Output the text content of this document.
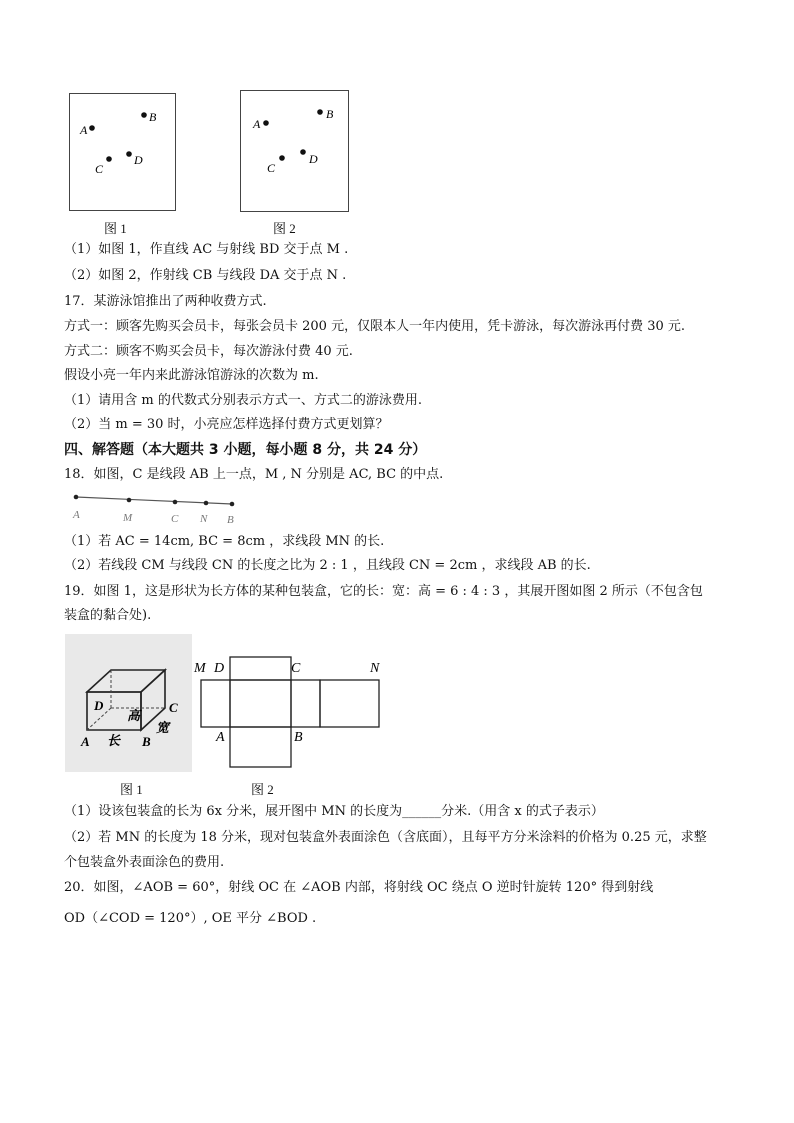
A
B
C
D
图 1
A
B
C
D
图 2
（1）如图 1，作直线 AC 与射线 BD 交于点 M .
（2）如图 2，作射线 CB 与线段 DA 交于点 N .
17．某游泳馆推出了两种收费方式.
方式一：顾客先购买会员卡，每张会员卡 200 元，仅限本人一年内使用，凭卡游泳，每次游泳再付费 30 元.
方式二：顾客不购买会员卡，每次游泳付费 40 元.
假设小亮一年内来此游泳馆游泳的次数为 m.
（1）请用含 m 的代数式分别表示方式一、方式二的游泳费用.
（2）当 m = 30 时，小亮应怎样选择付费方式更划算？
四、解答题（本大题共 3 小题，每小题 8 分，共 24 分）
18．如图，C 是线段 AB 上一点，M , N 分别是 AC, BC 的中点.
A	M	C N B
（1）若 AC = 14cm, BC = 8cm ，求线段 MN 的长.
（2）若线段 CM 与线段 CN 的长度之比为 2 : 1 ，且线段 CN = 2cm ，求线段 AB 的长.
19．如图 1，这是形状为长方体的某种包装盒，它的长：宽：高 = 6 : 4 : 3 ，其展开图如图 2 所示（不包含包
装盒的黏合处).
D	C
A	B
长
高
宽
图 1
M D	C	N
A	B
图 2
（1）设该包装盒的长为 6x 分米，展开图中 MN 的长度为______分米.（用含 x 的式子表示）
（2）若 MN 的长度为 18 分米，现对包装盒外表面涂色（含底面），且每平方分米涂料的价格为 0.25 元，求整
个包装盒外表面涂色的费用.
20．如图，∠AOB = 60°，射线 OC 在 ∠AOB 内部，将射线 OC 绕点 O 逆时针旋转 120° 得到射线
OD（∠COD = 120°）, OE 平分 ∠BOD .
